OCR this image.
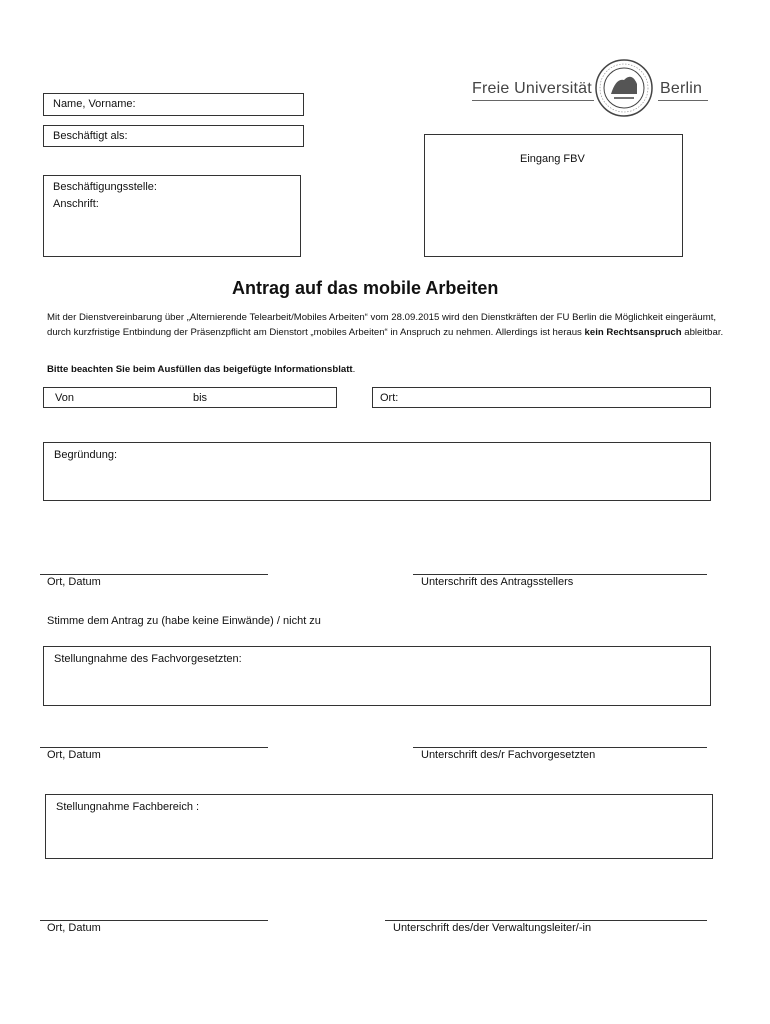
Freie Universität	Berlin
Name, Vorname:
Beschäftigt als:
Eingang FBV
Beschäftigungsstelle:
Anschrift:
Antrag auf das mobile Arbeiten
Mit der Dienstvereinbarung über „Alternierende Telearbeit/Mobiles Arbeiten“ vom 28.09.2015 wird den Dienstkräften der FU Berlin die Möglichkeit eingeräumt, durch kurzfristige Entbindung der Präsenzpflicht am Dienstort „mobiles Arbeiten“ in Anspruch zu nehmen. Allerdings ist heraus kein Rechtsanspruch ableitbar.
Bitte beachten Sie beim Ausfüllen das beigefügte Informationsblatt.
Von	bis	Ort:
Begründung:
Ort, Datum	Unterschrift des Antragsstellers
Stimme dem Antrag zu (habe keine Einwände) / nicht zu
Stellungnahme des Fachvorgesetzten:
Ort, Datum	Unterschrift des/r Fachvorgesetzten
Stellungnahme Fachbereich :
Ort, Datum	Unterschrift des/der Verwaltungsleiter/-in
